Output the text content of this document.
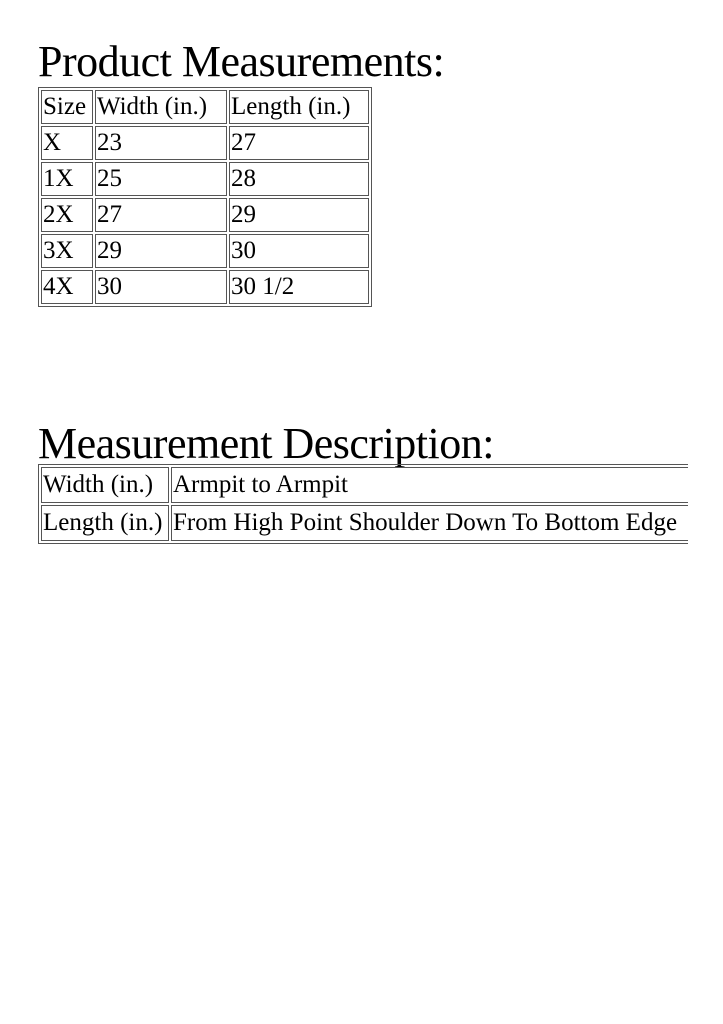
Product Measurements:
Size	Width (in.)	Length (in.)
X	23	27
1X	25	28
2X	27	29
3X	29	30
4X	30	30 1/2
Measurement Description:
Width (in.)	Armpit to Armpit
Length (in.)	From High Point Shoulder Down To Bottom Edge
